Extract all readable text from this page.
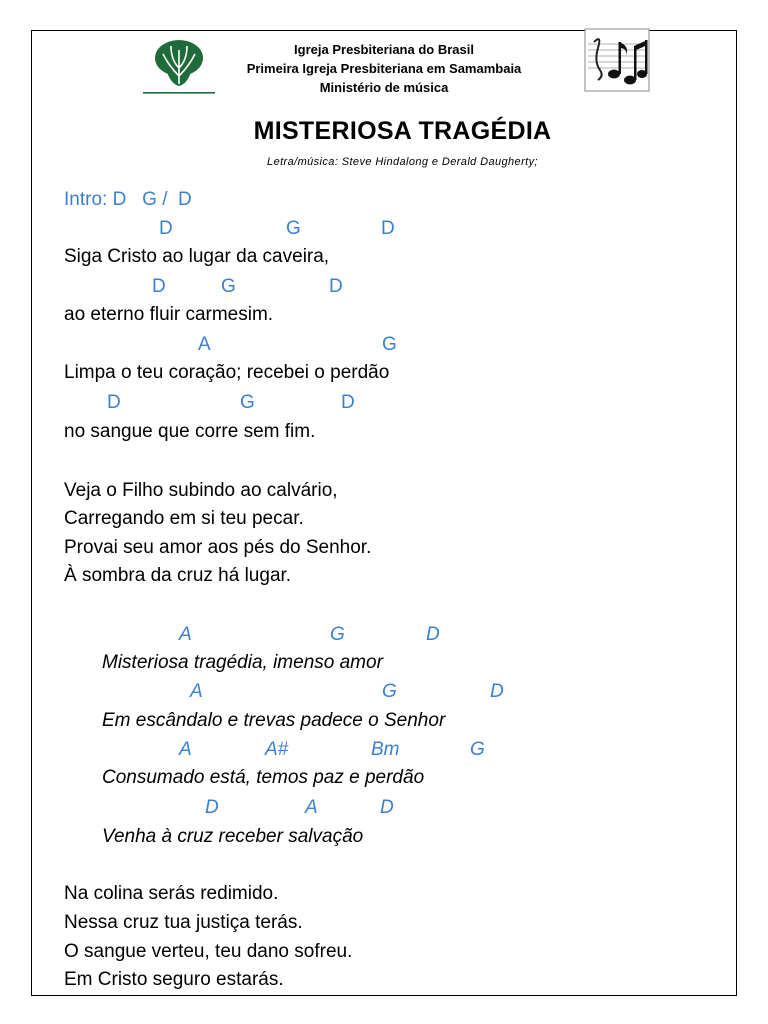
Igreja Presbiteriana do Brasil
Primeira Igreja Presbiteriana em Samambaia
Ministério de música
MISTERIOSA TRAGÉDIA
Letra/música: Steve Hindalong e Derald Daugherty;
Intro: D   G /  D
D	G	D
Siga Cristo ao lugar da caveira,
D	G	D
ao eterno fluir carmesim.
A	G
Limpa o teu coração; recebei o perdão
D	G	D
no sangue que corre sem fim.
Veja o Filho subindo ao calvário,
Carregando em si teu pecar.
Provai seu amor aos pés do Senhor.
À sombra da cruz há lugar.
A	G	D
Misteriosa tragédia, imenso amor
A	G	D
Em escândalo e trevas padece o Senhor
A	A#	Bm	G
Consumado está, temos paz e perdão
D	A	D
Venha à cruz receber salvação
Na colina serás redimido.
Nessa cruz tua justiça terás.
O sangue verteu, teu dano sofreu.
Em Cristo seguro estarás.
